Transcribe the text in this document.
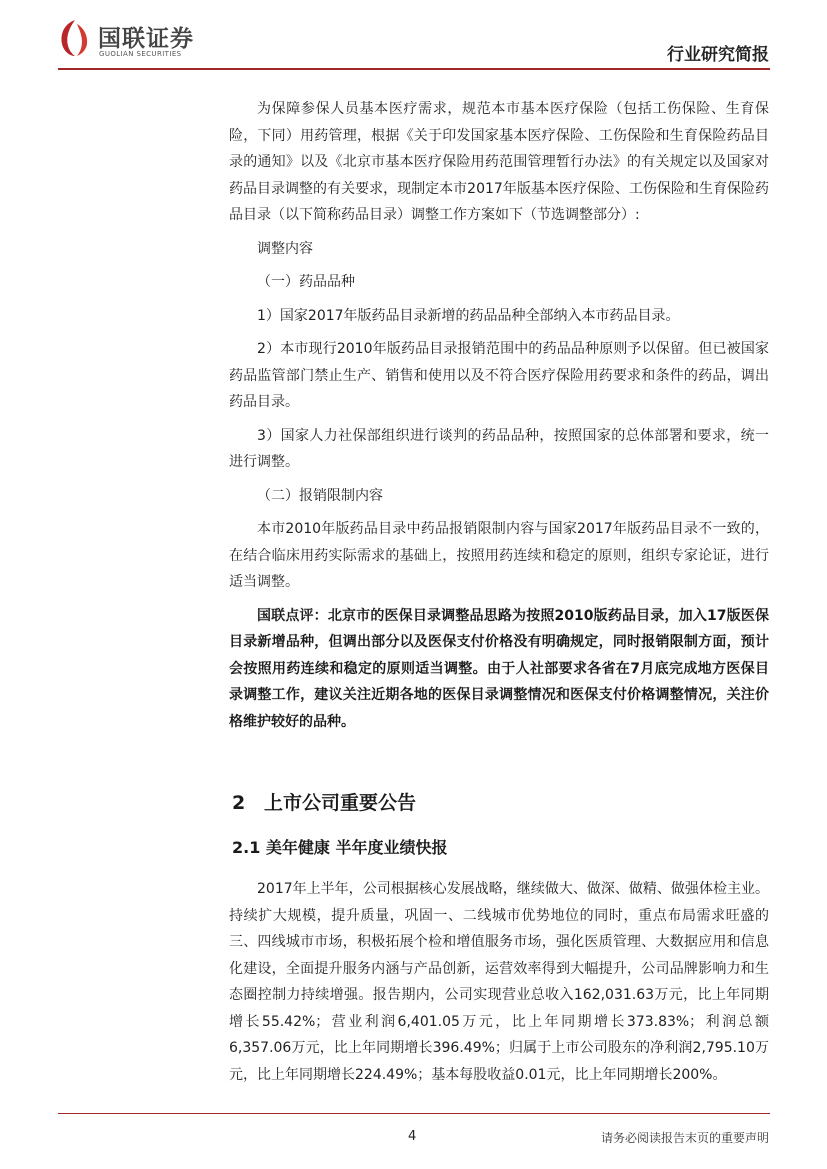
国联证券
GUOLIAN SECURITIES	行业研究简报

为保障参保人员基本医疗需求，规范本市基本医疗保险（包括工伤保险、生育保险，下同）用药管理，根据《关于印发国家基本医疗保险、工伤保险和生育保险药品目录的通知》以及《北京市基本医疗保险用药范围管理暂行办法》的有关规定以及国家对药品目录调整的有关要求，现制定本市2017年版基本医疗保险、工伤保险和生育保险药品目录（以下简称药品目录）调整工作方案如下（节选调整部分）:

调整内容

（一）药品品种

1）国家2017年版药品目录新增的药品品种全部纳入本市药品目录。

2）本市现行2010年版药品目录报销范围中的药品品种原则予以保留。但已被国家药品监管部门禁止生产、销售和使用以及不符合医疗保险用药要求和条件的药品，调出药品目录。

3）国家人力社保部组织进行谈判的药品品种，按照国家的总体部署和要求，统一进行调整。

（二）报销限制内容

本市2010年版药品目录中药品报销限制内容与国家2017年版药品目录不一致的，在结合临床用药实际需求的基础上，按照用药连续和稳定的原则，组织专家论证，进行适当调整。

国联点评：北京市的医保目录调整品思路为按照2010版药品目录，加入17版医保目录新增品种，但调出部分以及医保支付价格没有明确规定，同时报销限制方面，预计会按照用药连续和稳定的原则适当调整。由于人社部要求各省在7月底完成地方医保目录调整工作，建议关注近期各地的医保目录调整情况和医保支付价格调整情况，关注价格维护较好的品种。

2 上市公司重要公告
2.1 美年健康 半年度业绩快报

2017年上半年，公司根据核心发展战略，继续做大、做深、做精、做强体检主业。持续扩大规模，提升质量，巩固一、二线城市优势地位的同时，重点布局需求旺盛的三、四线城市市场，积极拓展个检和增值服务市场，强化医质管理、大数据应用和信息化建设，全面提升服务内涵与产品创新，运营效率得到大幅提升，公司品牌影响力和生态圈控制力持续增强。报告期内，公司实现营业总收入162,031.63万元，比上年同期增长55.42%；营业利润6,401.05万元，比上年同期增长373.83%；利润总额6,357.06万元，比上年同期增长396.49%；归属于上市公司股东的净利润2,795.10万元，比上年同期增长224.49%；基本每股收益0.01元，比上年同期增长200%。

4	请务必阅读报告末页的重要声明
